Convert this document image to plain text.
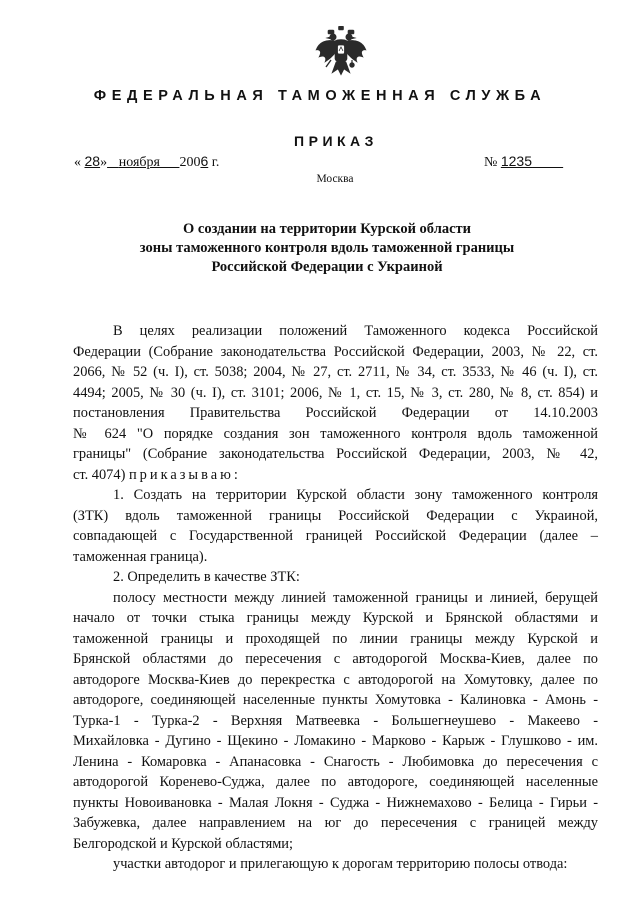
ФЕДЕРАЛЬНАЯ ТАМОЖЕННАЯ СЛУЖБА
ПРИКАЗ
« 28» ноября 2006 г.	№ 1235
Москва
О создании на территории Курской области
зоны таможенного контроля вдоль таможенной границы
Российской Федерации с Украиной

В целях реализации положений Таможенного кодекса Российской

Федерации (Собрание законодательства Российской Федерации, 2003, № 22, ст.

2066, № 52 (ч. I), ст. 5038; 2004, № 27, ст. 2711, № 34, ст. 3533, № 46 (ч. I), ст.

4494; 2005, № 30 (ч. I), ст. 3101; 2006, № 1, ст. 15, № 3, ст. 280, № 8, ст. 854) и

постановления Правительства Российской Федерации от 14.10.2003

№ 624 "О порядке создания зон таможенного контроля вдоль таможенной

границы" (Собрание законодательства Российской Федерации, 2003, № 42,

ст. 4074) приказываю:

1. Создать на территории Курской области зону таможенного контроля

(ЗТК) вдоль таможенной границы Российской Федерации с Украиной,

совпадающей с Государственной границей Российской Федерации (далее –

таможенная граница).

2. Определить в качестве ЗТК:

полосу местности между линией таможенной границы и линией, берущей

начало от точки стыка границы между Курской и Брянской областями и

таможенной границы и проходящей по линии границы между Курской и

Брянской областями до пересечения с автодорогой Москва-Киев, далее по

автодороге Москва-Киев до перекрестка с автодорогой на Хомутовку, далее по

автодороге, соединяющей населенные пункты Хомутовка - Калиновка - Амонь -

Турка-1 - Турка-2 - Верхняя Матвеевка - Большегнеушево - Макеево -

Михайловка - Дугино - Щекино - Ломакино - Марково - Карыж - Глушково - им.

Ленина - Комаровка - Апанасовка - Снагость - Любимовка до пересечения с

автодорогой Коренево-Суджа, далее по автодороге, соединяющей населенные

пункты Новоивановка - Малая Локня - Суджа - Нижнемахово - Белица - Гирьи -

Забужевка, далее направлением на юг до пересечения с границей между

Белгородской и Курской областями;

участки автодорог и прилегающую к дорогам территорию полосы отвода:
